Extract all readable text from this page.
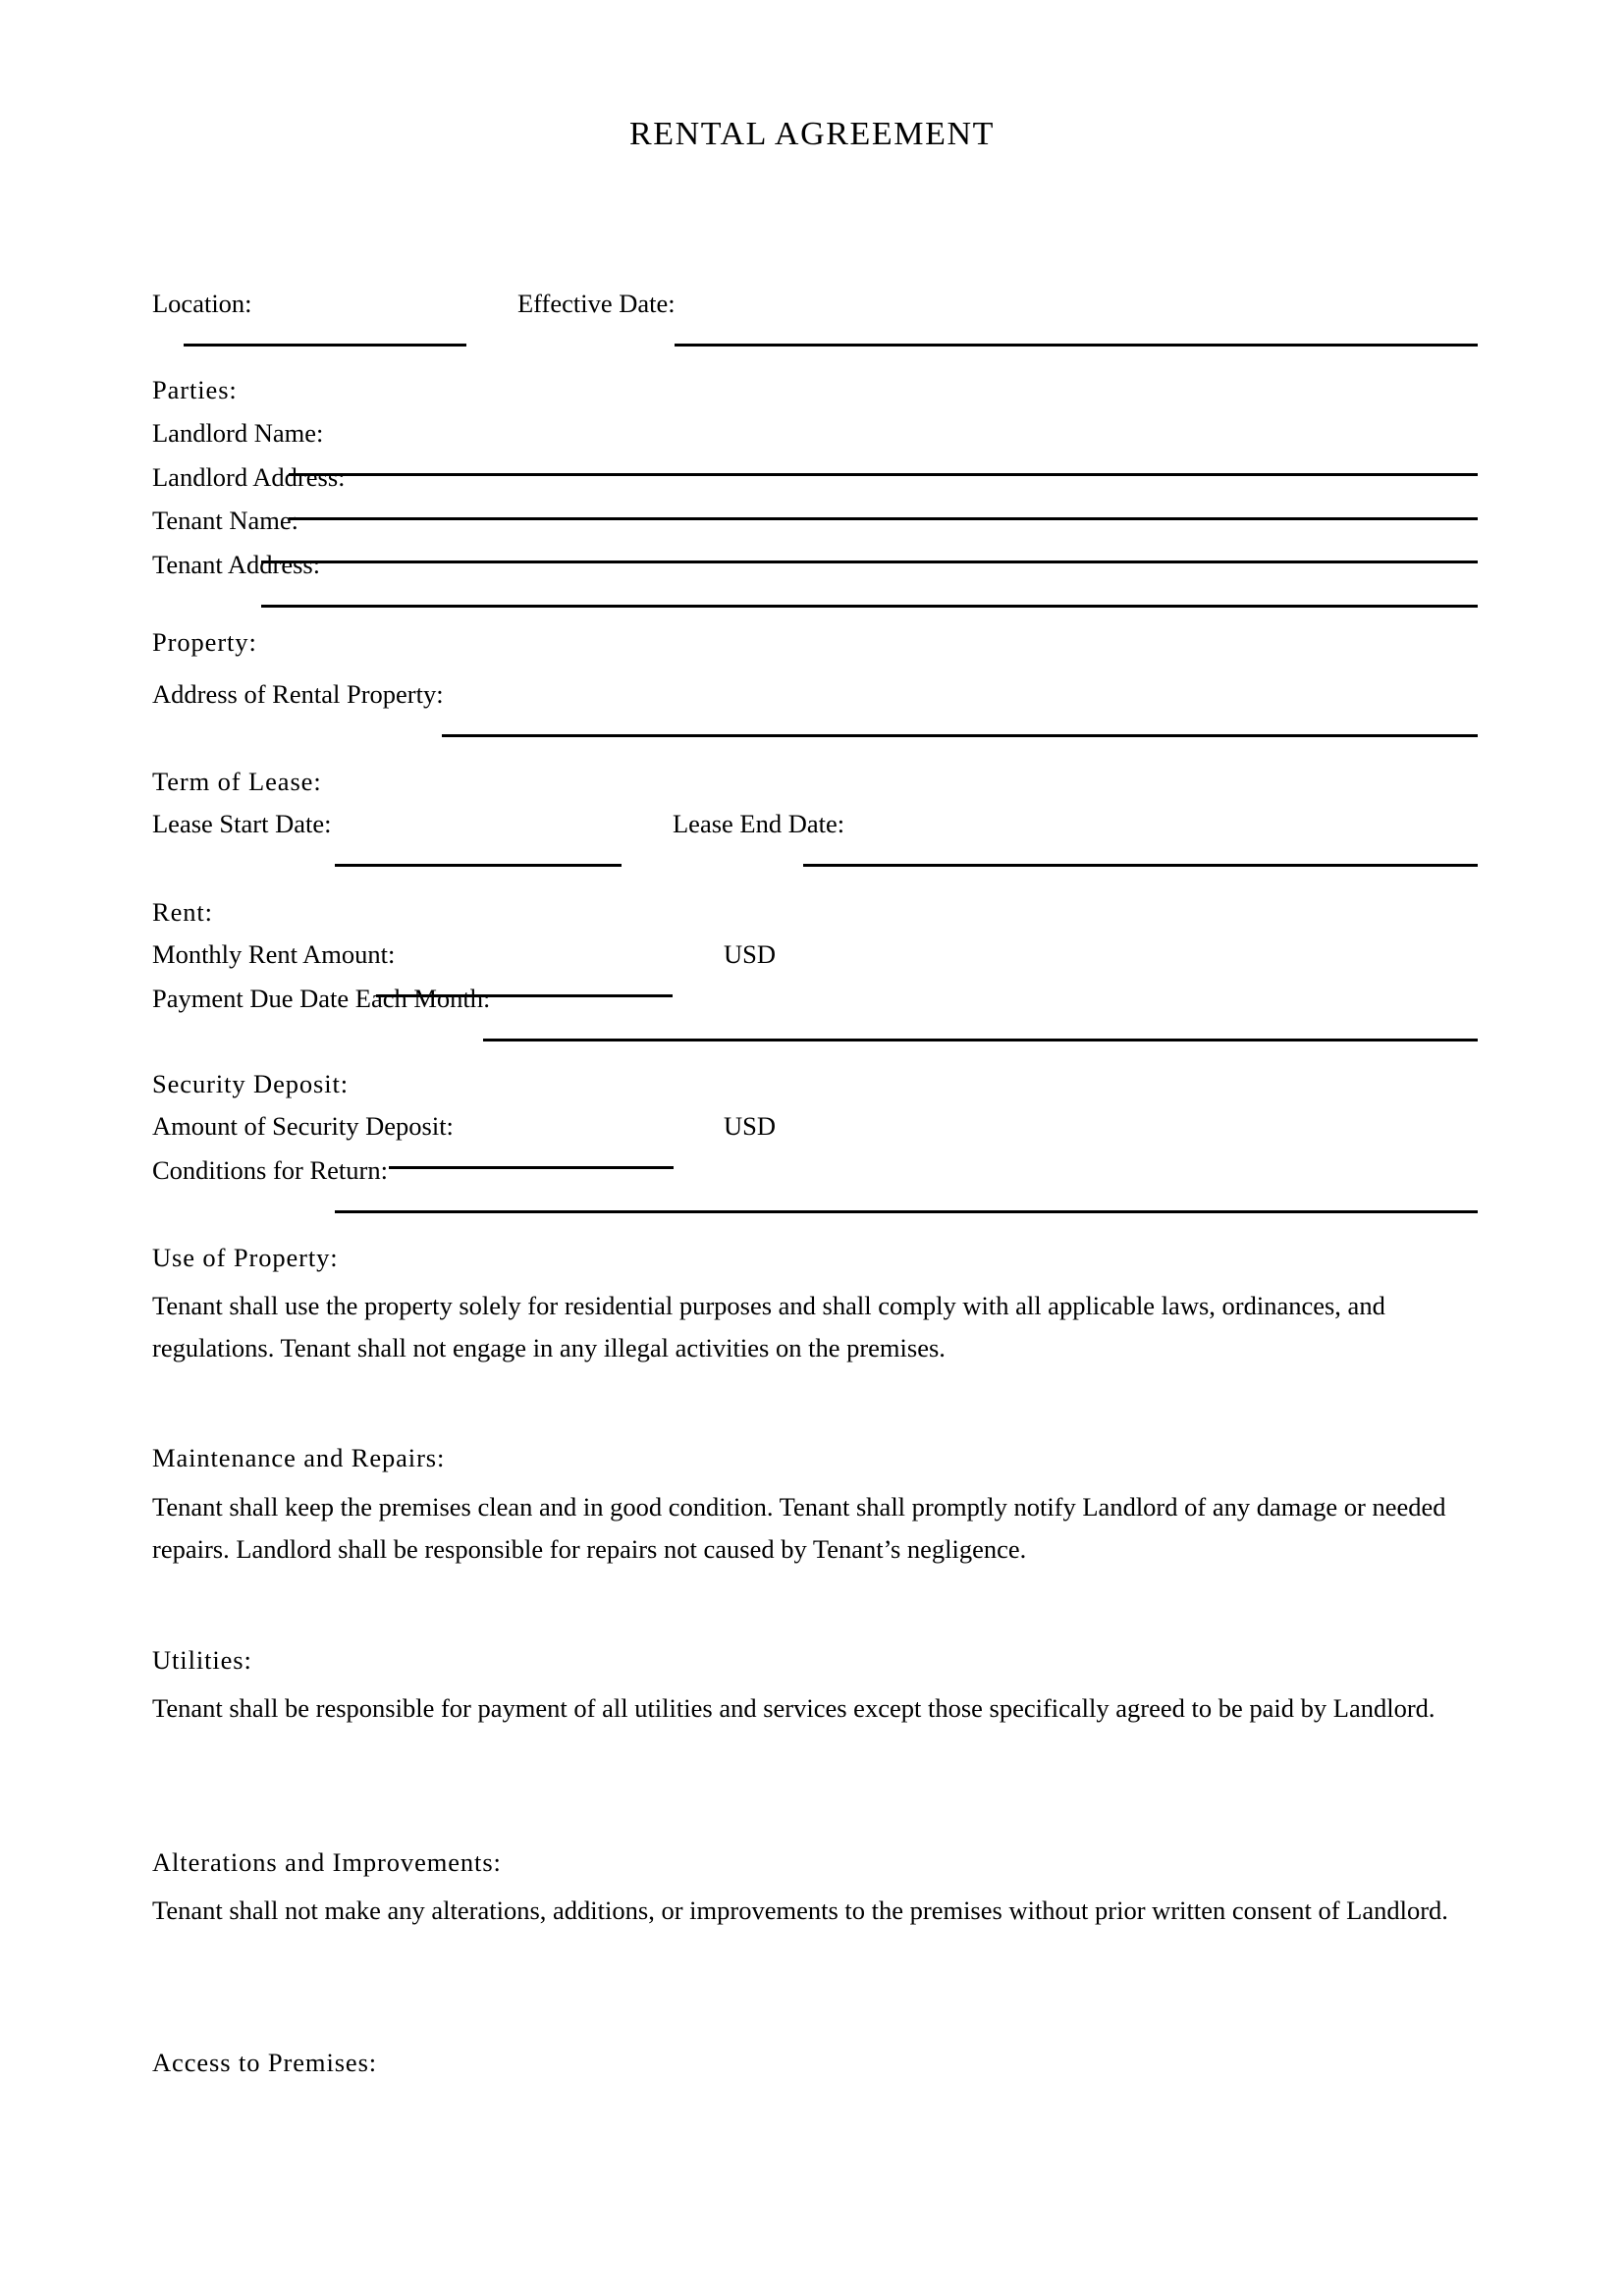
RENTAL AGREEMENT
Location:	Effective Date:
Parties:
Landlord Name:
Landlord Address:
Tenant Name:
Tenant Address:
Property:
Address of Rental Property:
Term of Lease:
Lease Start Date:	Lease End Date:
Rent:
Monthly Rent Amount:	USD
Payment Due Date Each Month:
Security Deposit:
Amount of Security Deposit:	USD
Conditions for Return:
Use of Property:
Tenant shall use the property solely for residential purposes and shall comply with all applicable laws, ordinances, and regulations. Tenant shall not engage in any illegal activities on the premises.
Maintenance and Repairs:
Tenant shall keep the premises clean and in good condition. Tenant shall promptly notify Landlord of any damage or needed repairs. Landlord shall be responsible for repairs not caused by Tenant’s negligence.
Utilities:
Tenant shall be responsible for payment of all utilities and services except those specifically agreed to be paid by Landlord.
Alterations and Improvements:
Tenant shall not make any alterations, additions, or improvements to the premises without prior written consent of Landlord.
Access to Premises:
